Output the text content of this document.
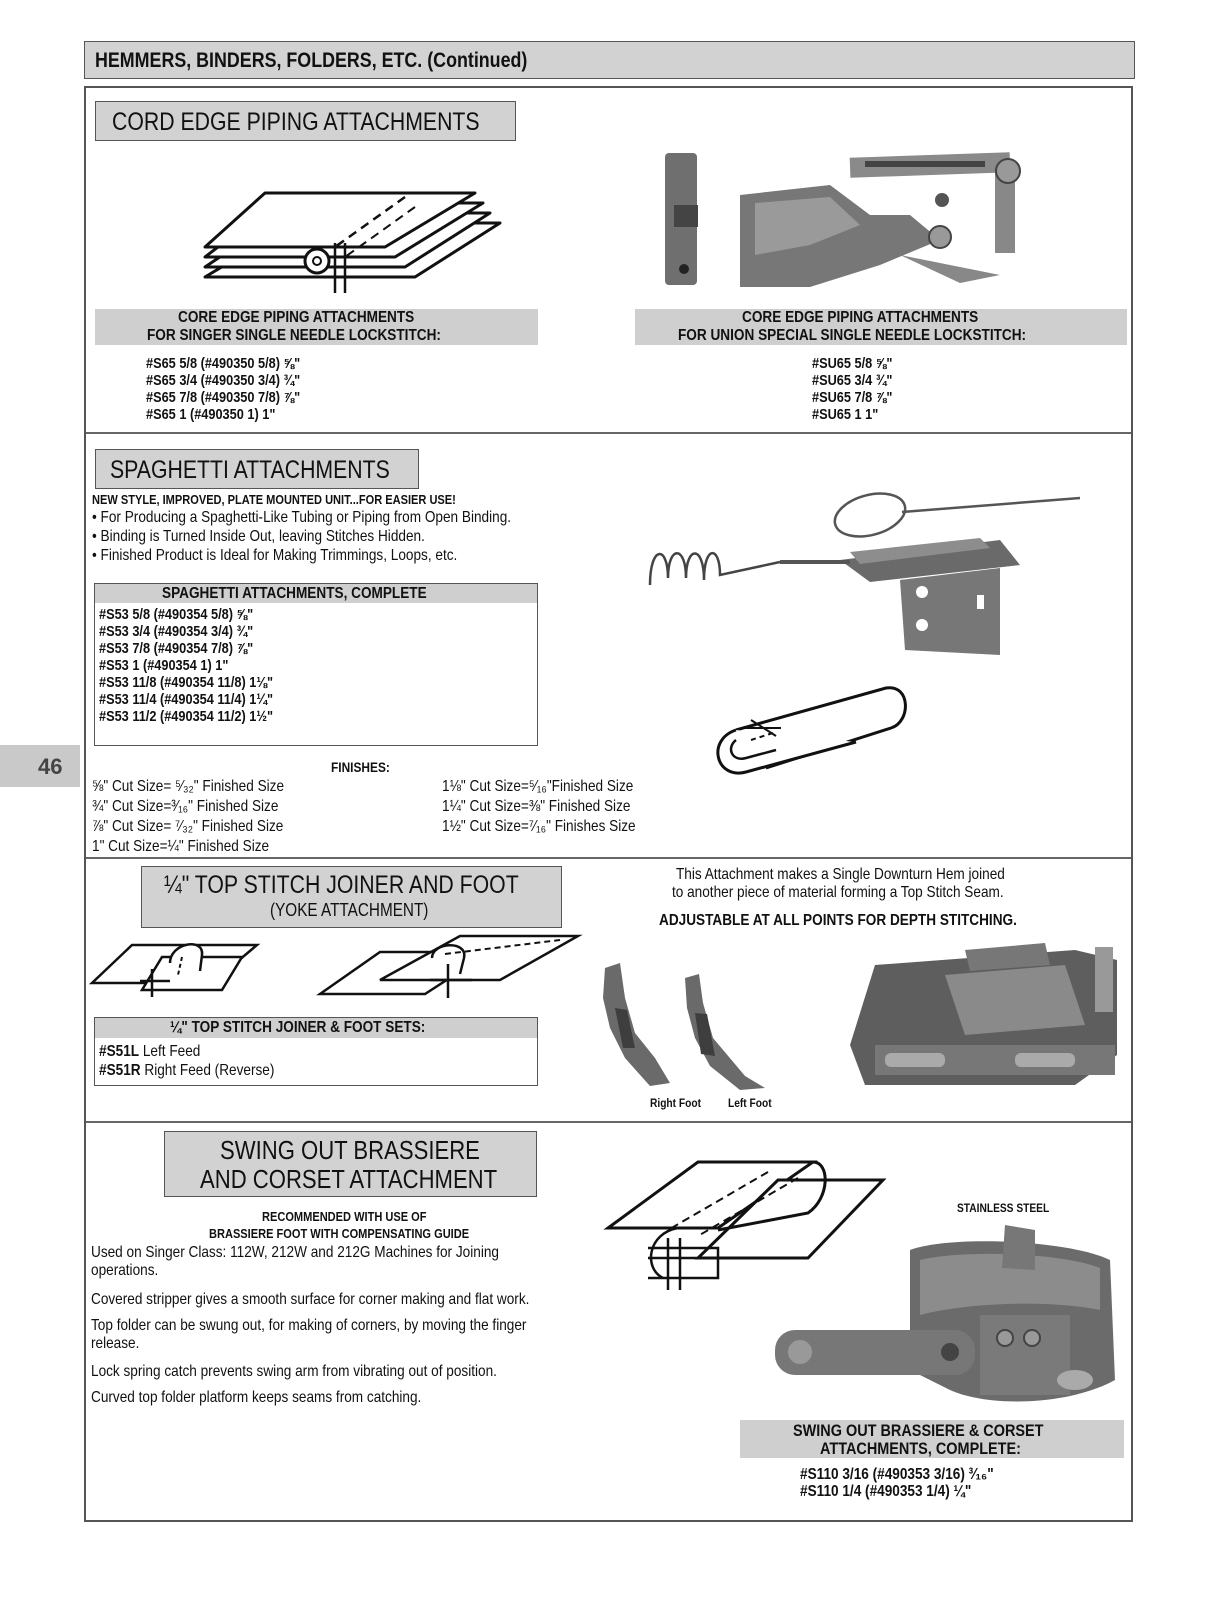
HEMMERS, BINDERS, FOLDERS, ETC. (Continued)
46
CORD EDGE PIPING ATTACHMENTS
CORE EDGE PIPING ATTACHMENTS
FOR SINGER SINGLE NEEDLE LOCKSTITCH:
#S65 5/8 (#490350 5/8) ⅝"
#S65 3/4 (#490350 3/4) ¾"
#S65 7/8 (#490350 7/8) ⅞"
#S65 1 (#490350 1) 1"
CORE EDGE PIPING ATTACHMENTS
FOR UNION SPECIAL SINGLE NEEDLE LOCKSTITCH:
#SU65 5/8 ⅝"
#SU65 3/4 ¾"
#SU65 7/8 ⅞"
#SU65 1 1"
SPAGHETTI ATTACHMENTS
NEW STYLE, IMPROVED, PLATE MOUNTED UNIT...FOR EASIER USE!
• For Producing a Spaghetti-Like Tubing or Piping from Open Binding.
• Binding is Turned Inside Out, leaving Stitches Hidden.
• Finished Product is Ideal for Making Trimmings, Loops, etc.
SPAGHETTI ATTACHMENTS, COMPLETE
#S53 5/8 (#490354 5/8) ⅝"
#S53 3/4 (#490354 3/4) ¾"
#S53 7/8 (#490354 7/8) ⅞"
#S53 1 (#490354 1) 1"
#S53 11/8 (#490354 11/8) 1⅛"
#S53 11/4 (#490354 11/4) 1¼"
#S53 11/2 (#490354 11/2) 1½"
FINISHES:
⅝" Cut Size= ⁵⁄₃₂" Finished Size
¾" Cut Size=³⁄₁₆" Finished Size
⅞" Cut Size= ⁷⁄₃₂" Finished Size
1" Cut Size=¼" Finished Size
1⅛" Cut Size=⁵⁄₁₆"Finished Size
1¼" Cut Size=⅜" Finished Size
1½" Cut Size=⁷⁄₁₆" Finishes Size
¼" TOP STITCH JOINER AND FOOT
(YOKE ATTACHMENT)
This Attachment makes a Single Downturn Hem joined
to another piece of material forming a Top Stitch Seam.
ADJUSTABLE AT ALL POINTS FOR DEPTH STITCHING.
¼" TOP STITCH JOINER & FOOT SETS:
#S51L Left Feed
#S51R Right Feed (Reverse)
Right Foot Left Foot
SWING OUT BRASSIERE
AND CORSET ATTACHMENT
RECOMMENDED WITH USE OF
BRASSIERE FOOT WITH COMPENSATING GUIDE
Used on Singer Class: 112W, 212W and 212G Machines for Joining
operations.
Covered stripper gives a smooth surface for corner making and flat work.
Top folder can be swung out, for making of corners, by moving the finger
release.
Lock spring catch prevents swing arm from vibrating out of position.
Curved top folder platform keeps seams from catching.
STAINLESS STEEL
SWING OUT BRASSIERE & CORSET
ATTACHMENTS, COMPLETE:
#S110 3/16 (#490353 3/16) ³⁄₁₆"
#S110 1/4 (#490353 1/4) ¼"
